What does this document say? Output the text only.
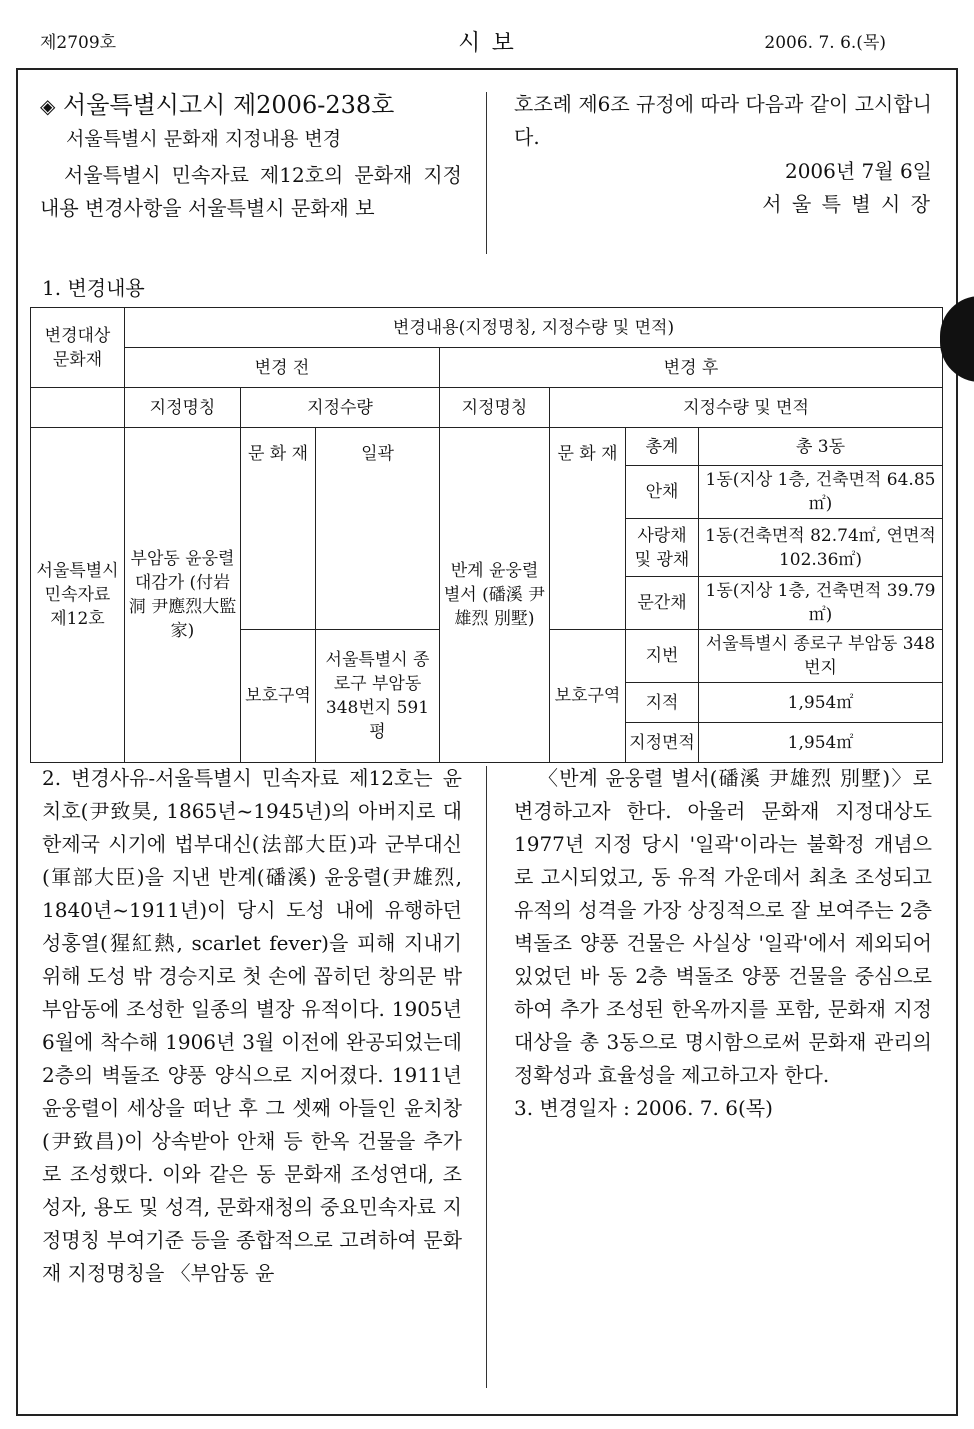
제2709호	시 보	2006. 7. 6.(목)
◈ 서울특별시고시 제2006-238호
서울특별시 문화재 지정내용 변경
서울특별시 민속자료 제12호의 문화재 지정내용 변경사항을 서울특별시 문화재 보
호조례 제6조 규정에 따라 다음과 같이 고시합니다.
2006년 7월 6일
서 울 특 별 시 장
1. 변경내용
변경대상 문화재	변경내용(지정명칭, 지정수량 및 면적)						
	변경 전			변경 후			
	지정명칭	지정수량		지정명칭	지정수량 및 면적		
서울특별시 민속자료 제12호	부암동 윤웅렬대감가 (付岩洞 尹應烈大監家)	문 화 재	일곽	반계 윤웅렬 별서 (磻溪 尹雄烈 別墅)	문 화 재	총계	총 3동
						안채	1동(지상 1층, 건축면적 64.85㎡)
						사랑채 및 광채	1동(건축면적 82.74㎡, 연면적 102.36㎡)
						문간채	1동(지상 1층, 건축면적 39.79㎡)
		보호구역	서울특별시 종로구 부암동 348번지 591평		보호구역	지번	서울특별시 종로구 부암동 348번지
						지적	1,954㎡
						지정면적	1,954㎡
2. 변경사유-서울특별시 민속자료 제12호는 윤치호(尹致昊, 1865년~1945년)의 아버지로 대한제국 시기에 법부대신(法部大臣)과 군부대신(軍部大臣)을 지낸 반계(磻溪) 윤웅렬(尹雄烈, 1840년~1911년)이 당시 도성 내에 유행하던 성홍열(猩紅熱, scarlet fever)을 피해 지내기 위해 도성 밖 경승지로 첫 손에 꼽히던 창의문 밖 부암동에 조성한 일종의 별장 유적이다. 1905년 6월에 착수해 1906년 3월 이전에 완공되었는데 2층의 벽돌조 양풍 양식으로 지어졌다. 1911년 윤웅렬이 세상을 떠난 후 그 셋째 아들인 윤치창(尹致昌)이 상속받아 안채 등 한옥 건물을 추가로 조성했다. 이와 같은 동 문화재 조성연대, 조성자, 용도 및 성격, 문화재청의 중요민속자료 지정명칭 부여기준 등을 종합적으로 고려하여 문화재 지정명칭을 〈부암동 윤
〈반계 윤웅렬 별서(磻溪 尹雄烈 別墅)〉로 변경하고자 한다. 아울러 문화재 지정대상도 1977년 지정 당시 '일곽'이라는 불확정 개념으로 고시되었고, 동 유적 가운데서 최초 조성되고 유적의 성격을 가장 상징적으로 잘 보여주는 2층 벽돌조 양풍 건물은 사실상 '일곽'에서 제외되어 있었던 바 동 2층 벽돌조 양풍 건물을 중심으로 하여 추가 조성된 한옥까지를 포함, 문화재 지정대상을 총 3동으로 명시함으로써 문화재 관리의 정확성과 효율성을 제고하고자 한다.
3. 변경일자 : 2006. 7. 6(목)
